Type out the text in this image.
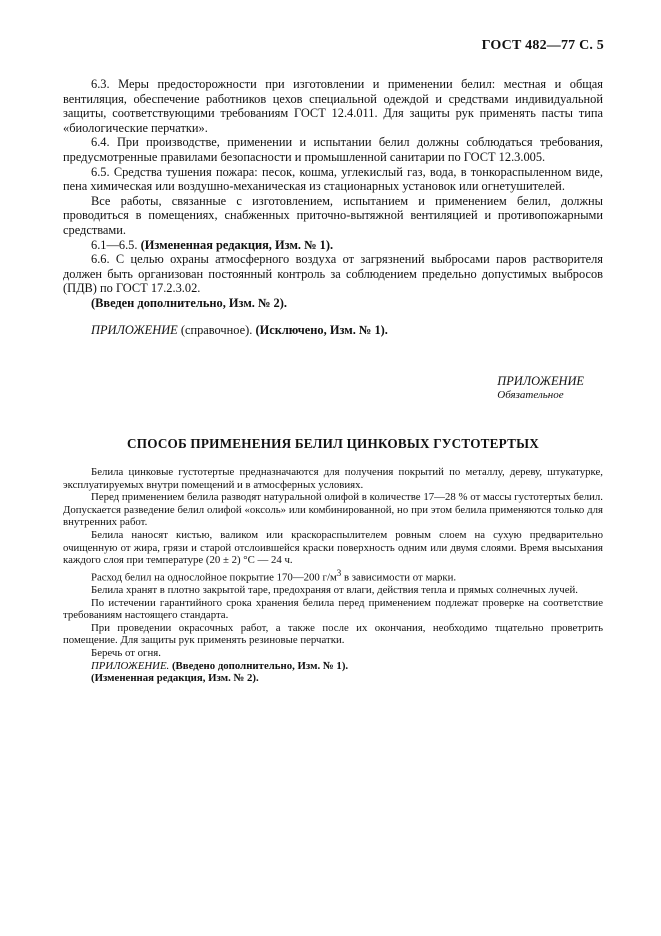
ГОСТ 482—77 С. 5

6.3. Меры предосторожности при изготовлении и применении белил: местная и общая вентиляция, обеспечение работников цехов специальной одеждой и средствами индивидуальной защиты, соответствующими требованиям ГОСТ 12.4.011. Для защиты рук применять пасты типа «биологические перчатки».

6.4. При производстве, применении и испытании белил должны соблюдаться требования, предусмотренные правилами безопасности и промышленной санитарии по ГОСТ 12.3.005.

6.5. Средства тушения пожара: песок, кошма, углекислый газ, вода, в тонкораспыленном виде, пена химическая или воздушно-механическая из стационарных установок или огнетушителей.

Все работы, связанные с изготовлением, испытанием и применением белил, должны проводиться в помещениях, снабженных приточно-вытяжной вентиляцией и противопожарными средствами.

6.1—6.5. (Измененная редакция, Изм. № 1).

6.6. С целью охраны атмосферного воздуха от загрязнений выбросами паров растворителя должен быть организован постоянный контроль за соблюдением предельно допустимых выбросов (ПДВ) по ГОСТ 17.2.3.02.

(Введен дополнительно, Изм. № 2).

ПРИЛОЖЕНИЕ (справочное). (Исключено, Изм. № 1).

ПРИЛОЖЕНИЕ
Обязательное
СПОСОБ ПРИМЕНЕНИЯ БЕЛИЛ ЦИНКОВЫХ ГУСТОТЕРТЫХ

Белила цинковые густотертые предназначаются для получения покрытий по металлу, дереву, штукатурке, эксплуатируемых внутри помещений и в атмосферных условиях.

Перед применением белила разводят натуральной олифой в количестве 17—28 % от массы густотертых белил. Допускается разведение белил олифой «оксоль» или комбинированной, но при этом белила применяются только для внутренних работ.

Белила наносят кистью, валиком или краскораспылителем ровным слоем на сухую предварительно очищенную от жира, грязи и старой отслоившейся краски поверхность одним или двумя слоями. Время высыхания каждого слоя при температуре (20 ± 2) °С — 24 ч.

Расход белил на однослойное покрытие 170—200 $г/м^3$ в зависимости от марки.

Белила хранят в плотно закрытой таре, предохраняя от влаги, действия тепла и прямых солнечных лучей.

По истечении гарантийного срока хранения белила перед применением подлежат проверке на соответствие требованиям настоящего стандарта.

При проведении окрасочных работ, а также после их окончания, необходимо тщательно проветрить помещение. Для защиты рук применять резиновые перчатки.

Беречь от огня.

ПРИЛОЖЕНИЕ. (Введено дополнительно, Изм. № 1).

(Измененная редакция, Изм. № 2).
